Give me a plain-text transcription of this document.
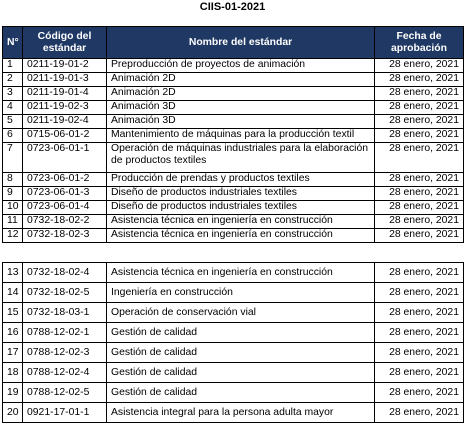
CIIS-01-2021
N°	Código del estándar	Nombre del estándar	Fecha de aprobación
1	0211-19-01-2	Preproducción de proyectos de animación	28 enero, 2021
2	0211-19-01-3	Animación 2D	28 enero, 2021
3	0211-19-01-4	Animación 2D	28 enero, 2021
4	0211-19-02-3	Animación 3D	28 enero, 2021
5	0211-19-02-4	Animación 3D	28 enero, 2021
6	0715-06-01-2	Mantenimiento de máquinas para la producción textil	28 enero, 2021
7	0723-06-01-1	Operación de máquinas industriales para la elaboración de productos textiles	28 enero, 2021
8	0723-06-01-2	Producción de prendas y productos textiles	28 enero, 2021
9	0723-06-01-3	Diseño de productos industriales textiles	28 enero, 2021
10	0723-06-01-4	Diseño de productos industriales textiles	28 enero, 2021
11	0732-18-02-2	Asistencia técnica en ingeniería en construcción	28 enero, 2021
12	0732-18-02-3	Asistencia técnica en ingeniería en construcción	28 enero, 2021
13	0732-18-02-4	Asistencia técnica en ingeniería en construcción	28 enero, 2021
14	0732-18-02-5	Ingeniería en construcción	28 enero, 2021
15	0732-18-03-1	Operación de conservación vial	28 enero, 2021
16	0788-12-02-1	Gestión de calidad	28 enero, 2021
17	0788-12-02-3	Gestión de calidad	28 enero, 2021
18	0788-12-02-4	Gestión de calidad	28 enero, 2021
19	0788-12-02-5	Gestión de calidad	28 enero, 2021
20	0921-17-01-1	Asistencia integral para la persona adulta mayor	28 enero, 2021
